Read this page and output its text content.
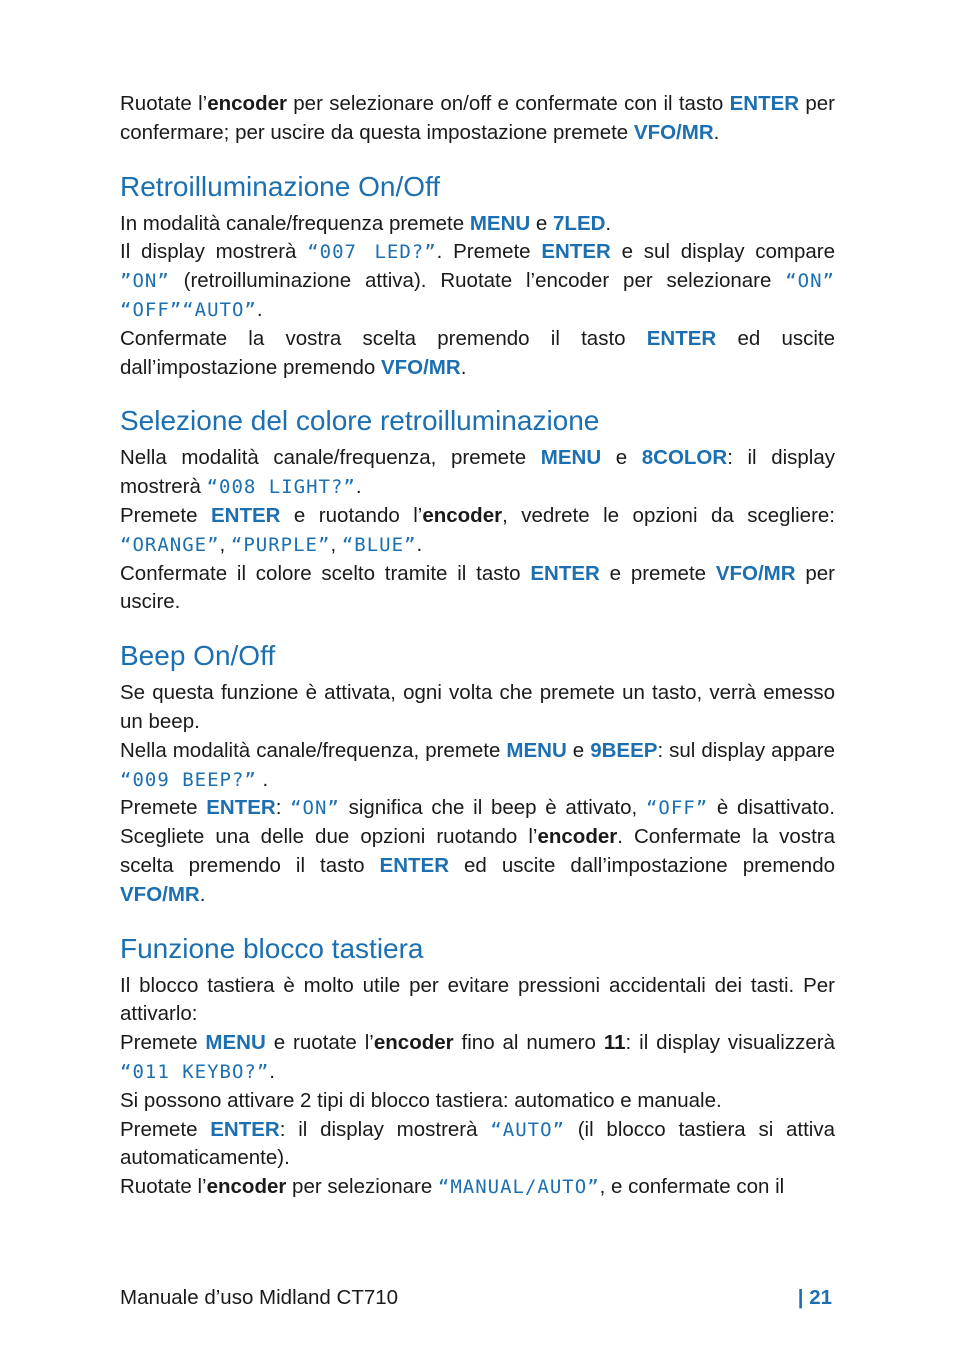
Ruotate l’encoder per selezionare on/off e confermate con il tasto ENTER per confermare; per uscire da questa impostazione premete VFO/MR.

Retroilluminazione On/Off

In modalità canale/frequenza premete MENU e 7LED.
Il display mostrerà “007 LED?”. Premete ENTER e sul display compare ”ON” (retroilluminazione attiva). Ruotate l’encoder per selezionare “ON” “OFF”“AUTO”.

Confermate la vostra scelta premendo il tasto ENTER ed uscite dall’impostazione premendo VFO/MR.

Selezione del colore retroilluminazione

Nella modalità canale/frequenza, premete MENU e 8COLOR: il display mostrerà “008 LIGHT?”.

Premete ENTER e ruotando l’encoder, vedrete le opzioni da scegliere: “ORANGE”, “PURPLE”, “BLUE”.

Confermate il colore scelto tramite il tasto ENTER e premete VFO/MR per uscire.

Beep On/Off

Se questa funzione è attivata, ogni volta che premete un tasto, verrà emesso un beep.

Nella modalità canale/frequenza, premete MENU e 9BEEP: sul display appare “009 BEEP?” .

Premete ENTER: “ON” significa che il beep è attivato, “OFF” è disattivato. Scegliete una delle due opzioni ruotando l’encoder. Confermate la vostra scelta premendo il tasto ENTER ed uscite dall’impostazione premendo VFO/MR.

Funzione blocco tastiera

Il blocco tastiera è molto utile per evitare pressioni accidentali dei tasti. Per attivarlo:

Premete MENU e ruotate l’encoder fino al numero 11: il display visualizzerà “011 KEYBO?”.

Si possono attivare 2 tipi di blocco tastiera: automatico e manuale.

Premete ENTER: il display mostrerà “AUTO” (il blocco tastiera si attiva automaticamente).

Ruotate l’encoder per selezionare “MANUAL/AUTO”, e confermate con il

Manuale d’uso Midland CT710	| 21
